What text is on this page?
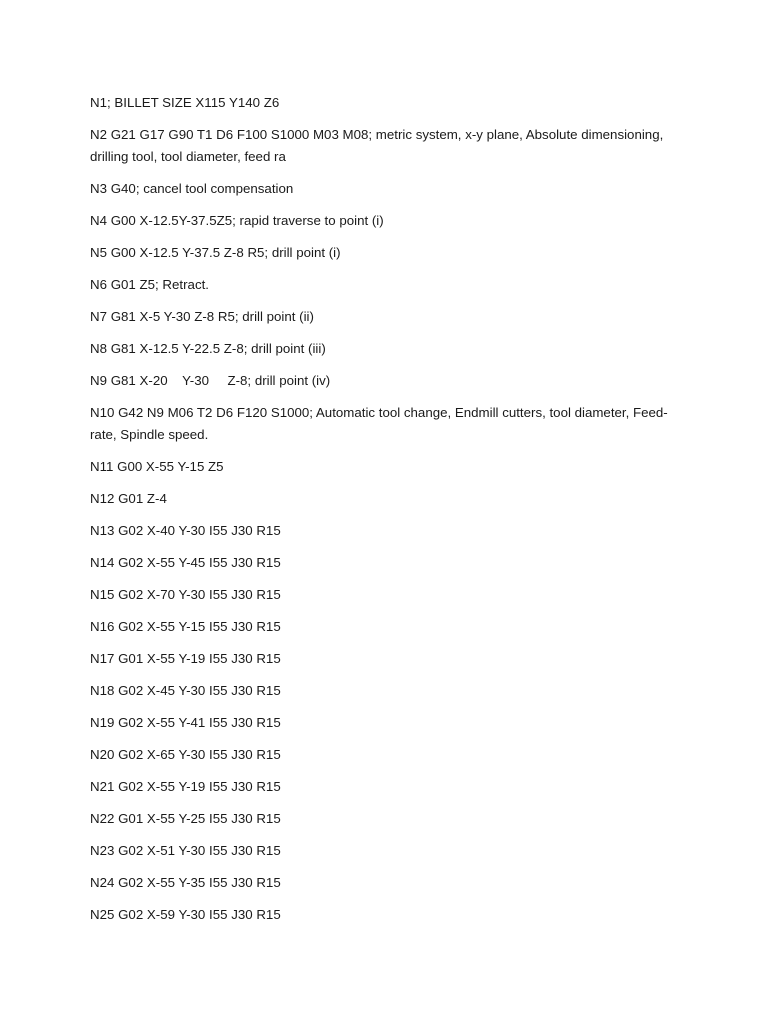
N1; BILLET SIZE X115 Y140 Z6

N2 G21 G17 G90 T1 D6 F100 S1000 M03 M08; metric system, x-y plane, Absolute dimensioning, drilling tool, tool diameter, feed ra

N3 G40; cancel tool compensation

N4 G00 X-12.5Y-37.5Z5; rapid traverse to point (i)

N5 G00 X-12.5 Y-37.5 Z-8 R5; drill point (i)

N6 G01 Z5; Retract.

N7 G81 X-5 Y-30 Z-8 R5; drill point (ii)

N8 G81 X-12.5 Y-22.5 Z-8; drill point (iii)

N9 G81 X-20    Y-30     Z-8; drill point (iv)

N10 G42 N9 M06 T2 D6 F120 S1000; Automatic tool change, Endmill cutters, tool diameter, Feed-rate, Spindle speed.

N11 G00 X-55 Y-15 Z5

N12 G01 Z-4

N13 G02 X-40 Y-30 I55 J30 R15

N14 G02 X-55 Y-45 I55 J30 R15

N15 G02 X-70 Y-30 I55 J30 R15

N16 G02 X-55 Y-15 I55 J30 R15

N17 G01 X-55 Y-19 I55 J30 R15

N18 G02 X-45 Y-30 I55 J30 R15

N19 G02 X-55 Y-41 I55 J30 R15

N20 G02 X-65 Y-30 I55 J30 R15

N21 G02 X-55 Y-19 I55 J30 R15

N22 G01 X-55 Y-25 I55 J30 R15

N23 G02 X-51 Y-30 I55 J30 R15

N24 G02 X-55 Y-35 I55 J30 R15

N25 G02 X-59 Y-30 I55 J30 R15
